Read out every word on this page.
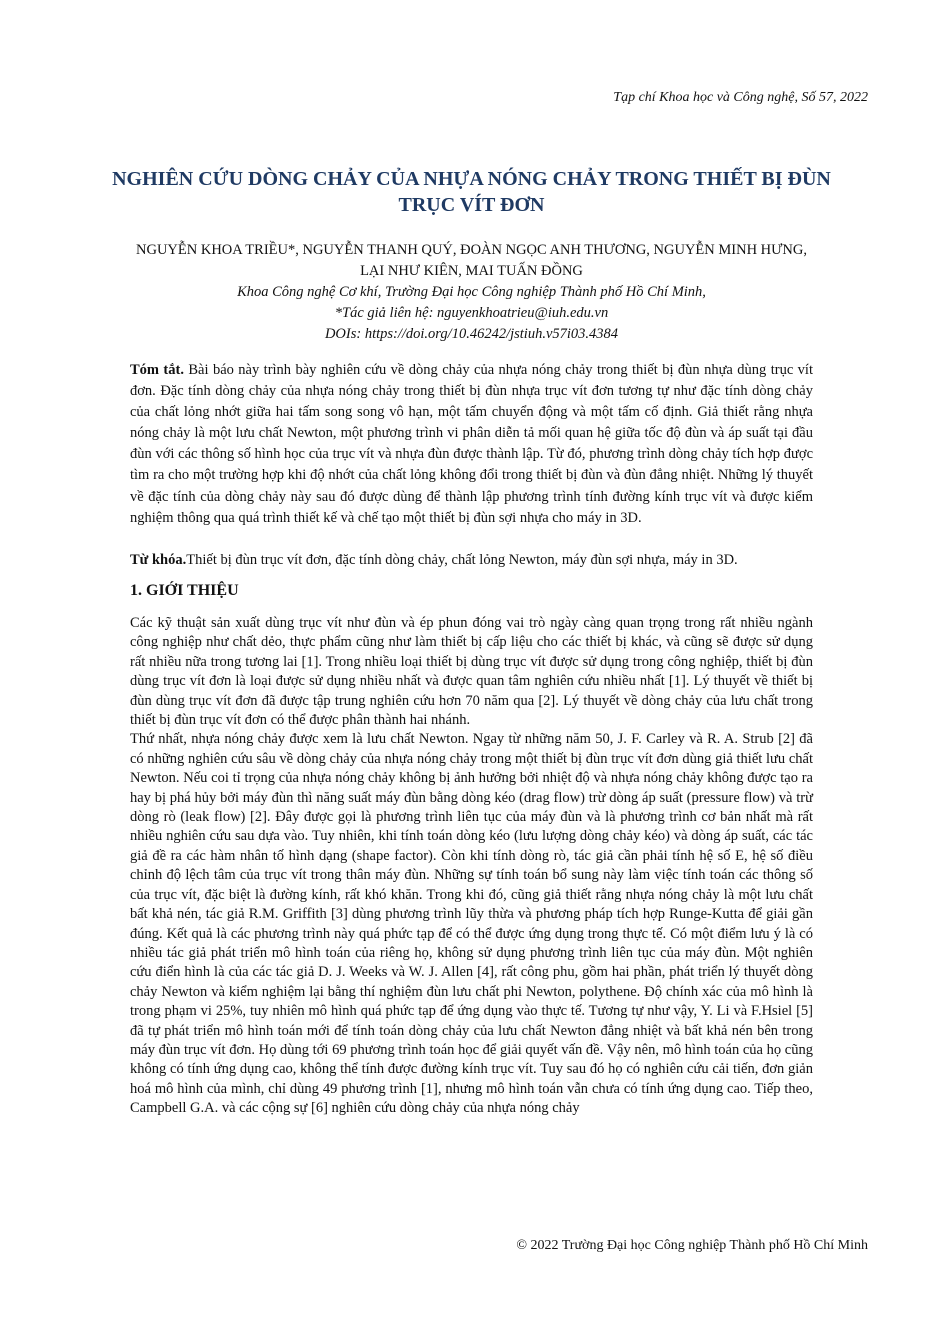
Tạp chí Khoa học và Công nghệ, Số 57, 2022
NGHIÊN CỨU DÒNG CHẢY CỦA NHỰA NÓNG CHẢY TRONG THIẾT BỊ ĐÙN TRỤC VÍT ĐƠN
NGUYỄN KHOA TRIỀU*, NGUYỄN THANH QUÝ, ĐOÀN NGỌC ANH THƯƠNG, NGUYỄN MINH HƯNG, LẠI NHƯ KIÊN, MAI TUẤN ĐỒNG
Khoa Công nghệ Cơ khí, Trường Đại học Công nghiệp Thành phố Hồ Chí Minh,
*Tác giả liên hệ: nguyenkhoatrieu@iuh.edu.vn
DOIs: https://doi.org/10.46242/jstiuh.v57i03.4384
Tóm tắt. Bài báo này trình bày nghiên cứu về dòng chảy của nhựa nóng chảy trong thiết bị đùn nhựa dùng trục vít đơn. Đặc tính dòng chảy của nhựa nóng chảy trong thiết bị đùn nhựa trục vít đơn tương tự như đặc tính dòng chảy của chất lỏng nhớt giữa hai tấm song song vô hạn, một tấm chuyển động và một tấm cố định. Giả thiết rằng nhựa nóng chảy là một lưu chất Newton, một phương trình vi phân diễn tả mối quan hệ giữa tốc độ đùn và áp suất tại đầu đùn với các thông số hình học của trục vít và nhựa đùn được thành lập. Từ đó, phương trình dòng chảy tích hợp được tìm ra cho một trường hợp khi độ nhớt của chất lỏng không đổi trong thiết bị đùn và đùn đẳng nhiệt. Những lý thuyết về đặc tính của dòng chảy này sau đó được dùng để thành lập phương trình tính đường kính trục vít và được kiểm nghiệm thông qua quá trình thiết kế và chế tạo một thiết bị đùn sợi nhựa cho máy in 3D.
Từ khóa.Thiết bị đùn trục vít đơn, đặc tính dòng chảy, chất lỏng Newton, máy đùn sợi nhựa, máy in 3D.
1. GIỚI THIỆU

Các kỹ thuật sản xuất dùng trục vít như đùn và ép phun đóng vai trò ngày càng quan trọng trong rất nhiều ngành công nghiệp như chất dẻo, thực phẩm cũng như làm thiết bị cấp liệu cho các thiết bị khác, và cũng sẽ được sử dụng rất nhiều nữa trong tương lai [1]. Trong nhiều loại thiết bị dùng trục vít được sử dụng trong công nghiệp, thiết bị đùn dùng trục vít đơn là loại được sử dụng nhiều nhất và được quan tâm nghiên cứu nhiều nhất [1]. Lý thuyết về thiết bị đùn dùng trục vít đơn đã được tập trung nghiên cứu hơn 70 năm qua [2]. Lý thuyết về dòng chảy của lưu chất trong thiết bị đùn trục vít đơn có thể được phân thành hai nhánh.

Thứ nhất, nhựa nóng chảy được xem là lưu chất Newton. Ngay từ những năm 50, J. F. Carley và R. A. Strub [2] đã có những nghiên cứu sâu về dòng chảy của nhựa nóng chảy trong một thiết bị đùn trục vít đơn dùng giả thiết lưu chất Newton. Nếu coi tỉ trọng của nhựa nóng chảy không bị ảnh hưởng bởi nhiệt độ và nhựa nóng chảy không được tạo ra hay bị phá hủy bởi máy đùn thì năng suất máy đùn bằng dòng kéo (drag flow) trừ dòng áp suất (pressure flow) và trừ dòng rò (leak flow) [2]. Đây được gọi là phương trình liên tục của máy đùn và là phương trình cơ bản nhất mà rất nhiều nghiên cứu sau dựa vào. Tuy nhiên, khi tính toán dòng kéo (lưu lượng dòng chảy kéo) và dòng áp suất, các tác giả đề ra các hàm nhân tố hình dạng (shape factor). Còn khi tính dòng rò, tác giả cần phải tính hệ số E, hệ số điều chỉnh độ lệch tâm của trục vít trong thân máy đùn. Những sự tính toán bổ sung này làm việc tính toán các thông số của trục vít, đặc biệt là đường kính, rất khó khăn. Trong khi đó, cũng giả thiết rằng nhựa nóng chảy là một lưu chất bất khả nén, tác giả R.M. Griffith [3] dùng phương trình lũy thừa và phương pháp tích hợp Runge-Kutta để giải gần đúng. Kết quả là các phương trình này quá phức tạp để có thể được ứng dụng trong thực tế. Có một điểm lưu ý là có nhiều tác giả phát triển mô hình toán của riêng họ, không sử dụng phương trình liên tục của máy đùn. Một nghiên cứu điển hình là của các tác giả D. J. Weeks và W. J. Allen [4], rất công phu, gồm hai phần, phát triển lý thuyết dòng chảy Newton và kiểm nghiệm lại bằng thí nghiệm đùn lưu chất phi Newton, polythene. Độ chính xác của mô hình là trong phạm vi 25%, tuy nhiên mô hình quá phức tạp để ứng dụng vào thực tế. Tương tự như vậy, Y. Li và F.Hsiel [5] đã tự phát triển mô hình toán mới để tính toán dòng chảy của lưu chất Newton đẳng nhiệt và bất khả nén bên trong máy đùn trục vít đơn. Họ dùng tới 69 phương trình toán học để giải quyết vấn đề. Vậy nên, mô hình toán của họ cũng không có tính ứng dụng cao, không thể tính được đường kính trục vít. Tuy sau đó họ có nghiên cứu cải tiến, đơn giản hoá mô hình của mình, chỉ dùng 49 phương trình [1], nhưng mô hình toán vẫn chưa có tính ứng dụng cao. Tiếp theo, Campbell G.A. và các cộng sự [6] nghiên cứu dòng chảy của nhựa nóng chảy

© 2022 Trường Đại học Công nghiệp Thành phố Hồ Chí Minh
